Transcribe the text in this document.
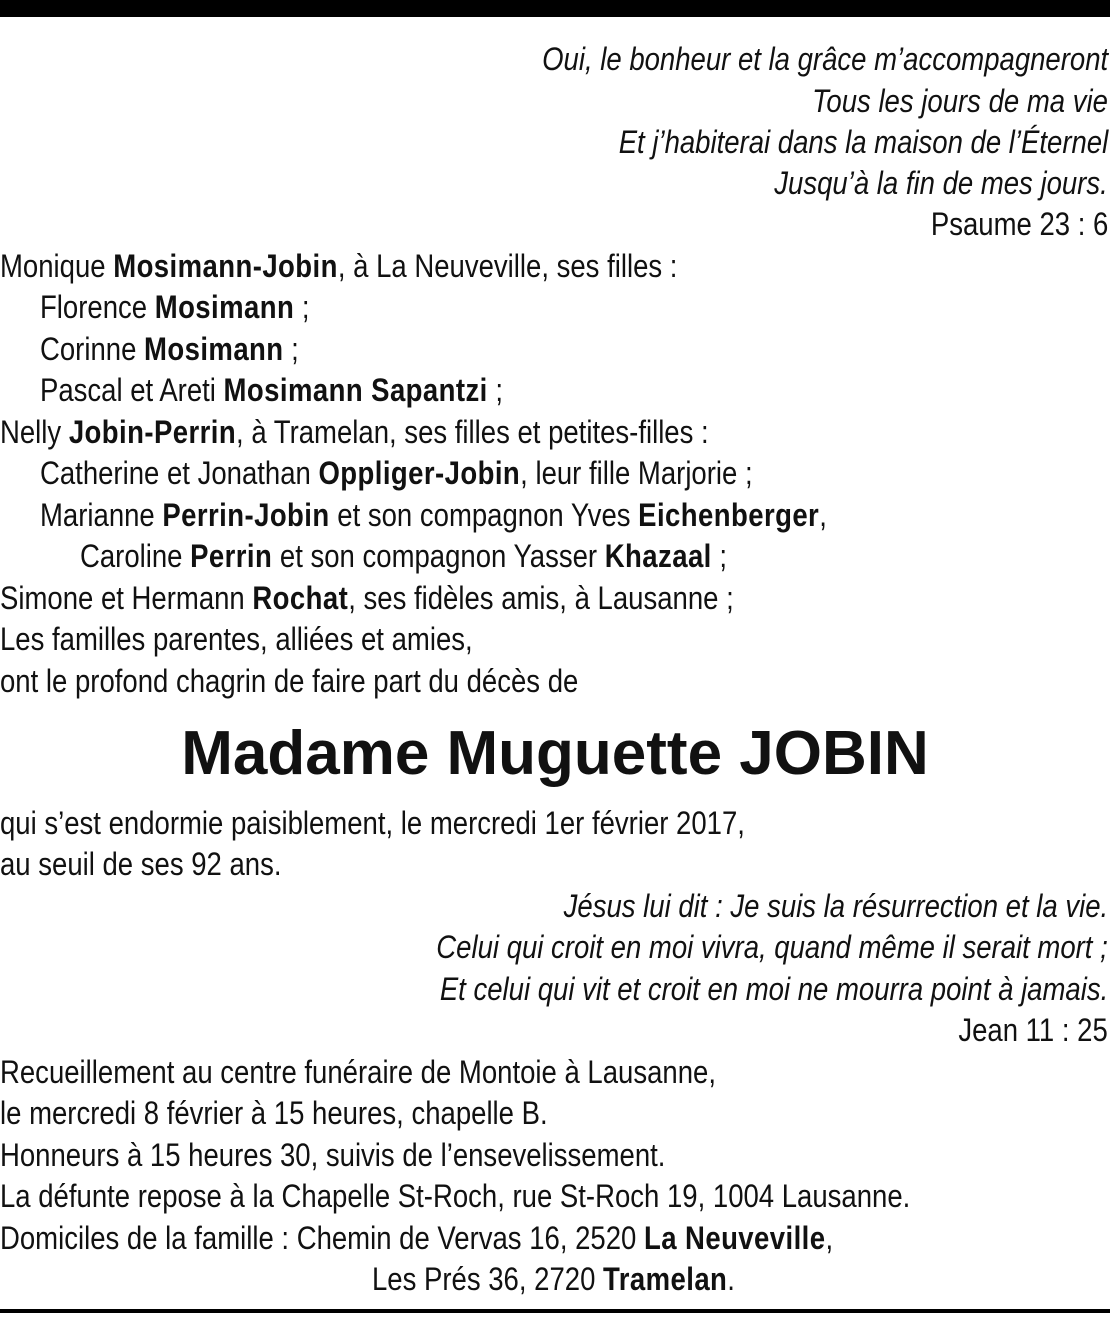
Oui, le bonheur et la grâce m’accompagneront
Tous les jours de ma vie
Et j’habiterai dans la maison de l’Éternel
Jusqu’à la fin de mes jours.
Psaume 23 : 6
Monique Mosimann-Jobin, à La Neuveville, ses filles :
Florence Mosimann ;
Corinne Mosimann ;
Pascal et Areti Mosimann Sapantzi ;
Nelly Jobin-Perrin, à Tramelan, ses filles et petites-filles :
Catherine et Jonathan Oppliger-Jobin, leur fille Marjorie ;
Marianne Perrin-Jobin et son compagnon Yves Eichenberger,
Caroline Perrin et son compagnon Yasser Khazaal ;
Simone et Hermann Rochat, ses fidèles amis, à Lausanne ;
Les familles parentes, alliées et amies,
ont le profond chagrin de faire part du décès de
Madame Muguette JOBIN
qui s’est endormie paisiblement, le mercredi 1er février 2017,
au seuil de ses 92 ans.
Jésus lui dit : Je suis la résurrection et la vie.
Celui qui croit en moi vivra, quand même il serait mort ;
Et celui qui vit et croit en moi ne mourra point à jamais.
Jean 11 : 25
Recueillement au centre funéraire de Montoie à Lausanne,
le mercredi 8 février à 15 heures, chapelle B.
Honneurs à 15 heures 30, suivis de l’ensevelissement.
La défunte repose à la Chapelle St-Roch, rue St-Roch 19, 1004 Lausanne.
Domiciles de la famille : Chemin de Vervas 16, 2520 La Neuveville,
Les Prés 36, 2720 Tramelan.
